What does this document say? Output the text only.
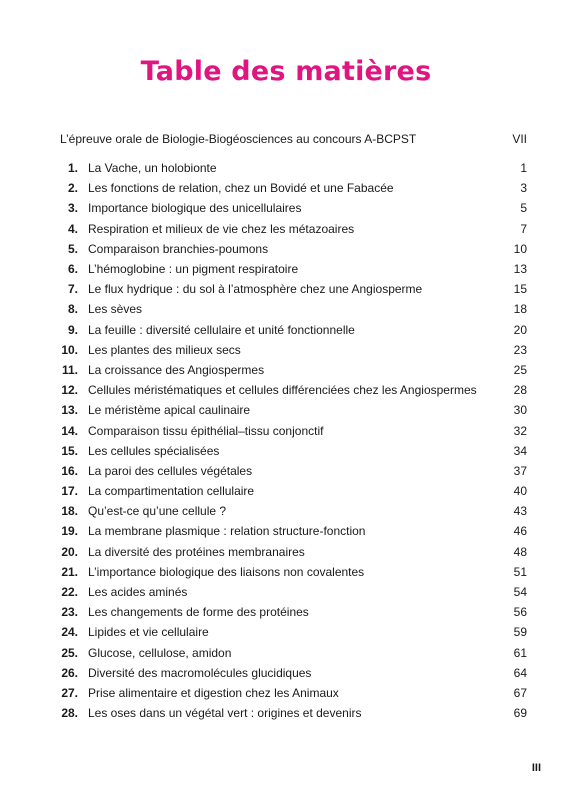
Table des matières
L’épreuve orale de Biologie-Biogéosciences au concours A-BCPST	VII
1. La Vache, un holobionte	1
2. Les fonctions de relation, chez un Bovidé et une Fabacée	3
3. Importance biologique des unicellulaires	5
4. Respiration et milieux de vie chez les métazoaires	7
5. Comparaison branchies-poumons	10
6. L’hémoglobine : un pigment respiratoire	13
7. Le flux hydrique : du sol à l’atmosphère chez une Angiosperme	15
8. Les sèves	18
9. La feuille : diversité cellulaire et unité fonctionnelle	20
10. Les plantes des milieux secs	23
11. La croissance des Angiospermes	25
12. Cellules méristématiques et cellules différenciées chez les Angiospermes	28
13. Le méristème apical caulinaire	30
14. Comparaison tissu épithélial–tissu conjonctif	32
15. Les cellules spécialisées	34
16. La paroi des cellules végétales	37
17. La compartimentation cellulaire	40
18. Qu’est-ce qu’une cellule ?	43
19. La membrane plasmique : relation structure-fonction	46
20. La diversité des protéines membranaires	48
21. L’importance biologique des liaisons non covalentes	51
22. Les acides aminés	54
23. Les changements de forme des protéines	56
24. Lipides et vie cellulaire	59
25. Glucose, cellulose, amidon	61
26. Diversité des macromolécules glucidiques	64
27. Prise alimentaire et digestion chez les Animaux	67
28. Les oses dans un végétal vert : origines et devenirs	69
III
